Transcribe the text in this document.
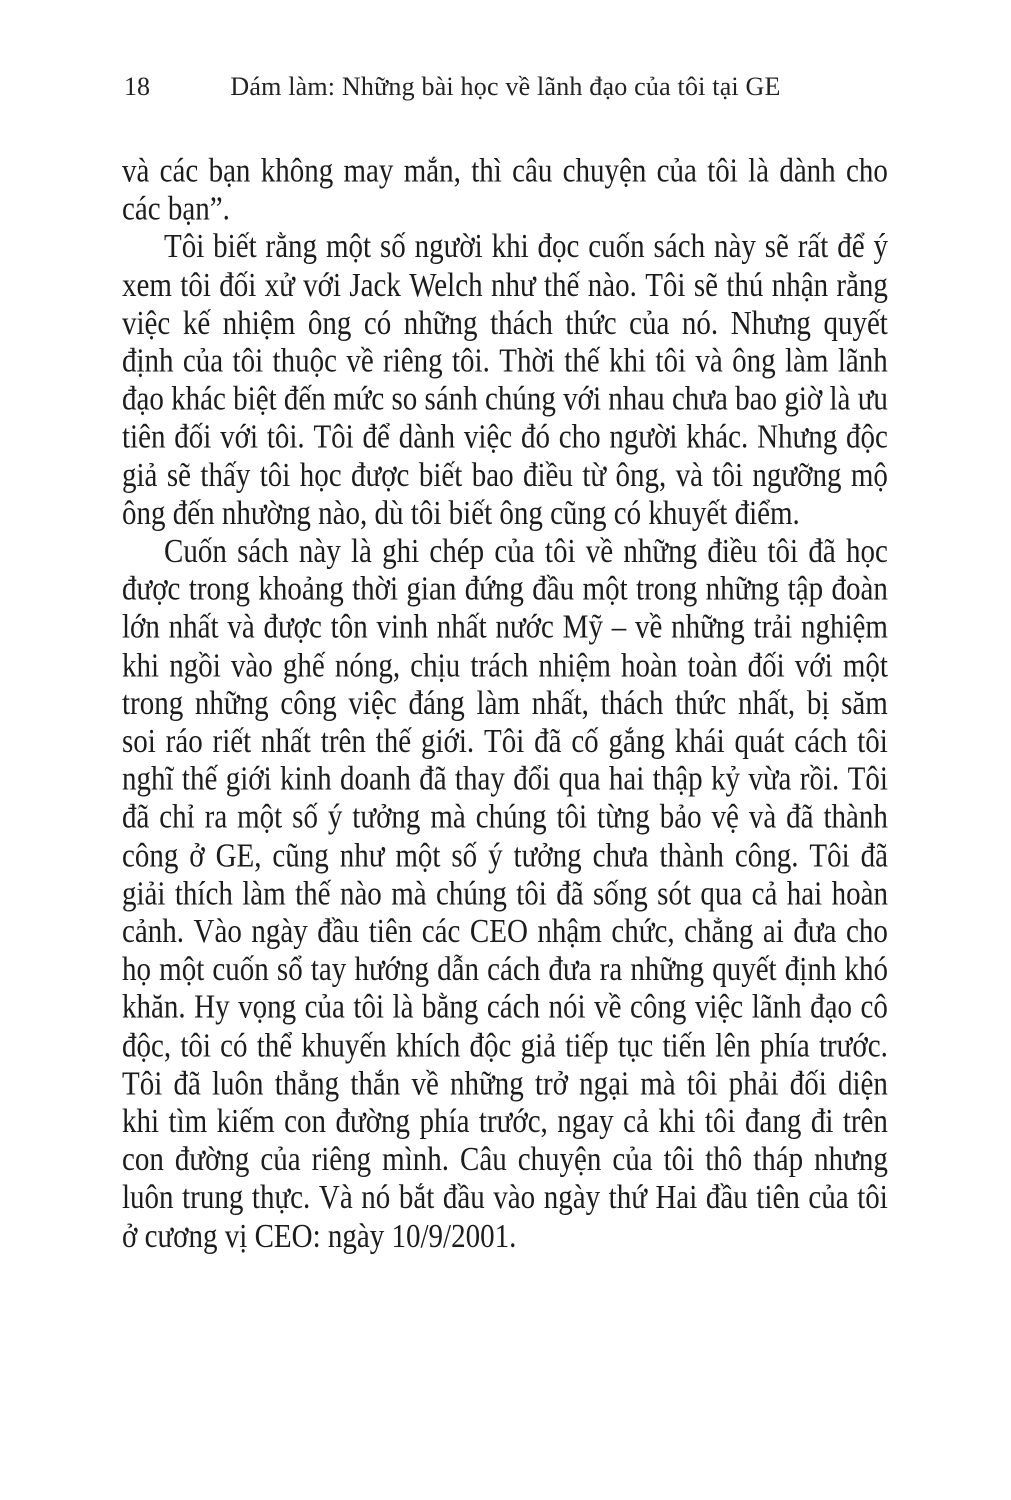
Dám làm: Những bài học về lãnh đạo của tôi tại GE
18
và các bạn không may mắn, thì câu chuyện của tôi là dành cho
các bạn”.
Tôi biết rằng một số người khi đọc cuốn sách này sẽ rất để ý
xem tôi đối xử với Jack Welch như thế nào. Tôi sẽ thú nhận rằng
việc kế nhiệm ông có những thách thức của nó. Nhưng quyết
định của tôi thuộc về riêng tôi. Thời thế khi tôi và ông làm lãnh
đạo khác biệt đến mức so sánh chúng với nhau chưa bao giờ là ưu
tiên đối với tôi. Tôi để dành việc đó cho người khác. Nhưng độc
giả sẽ thấy tôi học được biết bao điều từ ông, và tôi ngưỡng mộ
ông đến nhường nào, dù tôi biết ông cũng có khuyết điểm.
Cuốn sách này là ghi chép của tôi về những điều tôi đã học
được trong khoảng thời gian đứng đầu một trong những tập đoàn
lớn nhất và được tôn vinh nhất nước Mỹ – về những trải nghiệm
khi ngồi vào ghế nóng, chịu trách nhiệm hoàn toàn đối với một
trong những công việc đáng làm nhất, thách thức nhất, bị săm
soi ráo riết nhất trên thế giới. Tôi đã cố gắng khái quát cách tôi
nghĩ thế giới kinh doanh đã thay đổi qua hai thập kỷ vừa rồi. Tôi
đã chỉ ra một số ý tưởng mà chúng tôi từng bảo vệ và đã thành
công ở GE, cũng như một số ý tưởng chưa thành công. Tôi đã
giải thích làm thế nào mà chúng tôi đã sống sót qua cả hai hoàn
cảnh. Vào ngày đầu tiên các CEO nhậm chức, chẳng ai đưa cho
họ một cuốn sổ tay hướng dẫn cách đưa ra những quyết định khó
khăn. Hy vọng của tôi là bằng cách nói về công việc lãnh đạo cô
độc, tôi có thể khuyến khích độc giả tiếp tục tiến lên phía trước.
Tôi đã luôn thẳng thắn về những trở ngại mà tôi phải đối diện
khi tìm kiếm con đường phía trước, ngay cả khi tôi đang đi trên
con đường của riêng mình. Câu chuyện của tôi thô tháp nhưng
luôn trung thực. Và nó bắt đầu vào ngày thứ Hai đầu tiên của tôi
ở cương vị CEO: ngày 10/9/2001.
